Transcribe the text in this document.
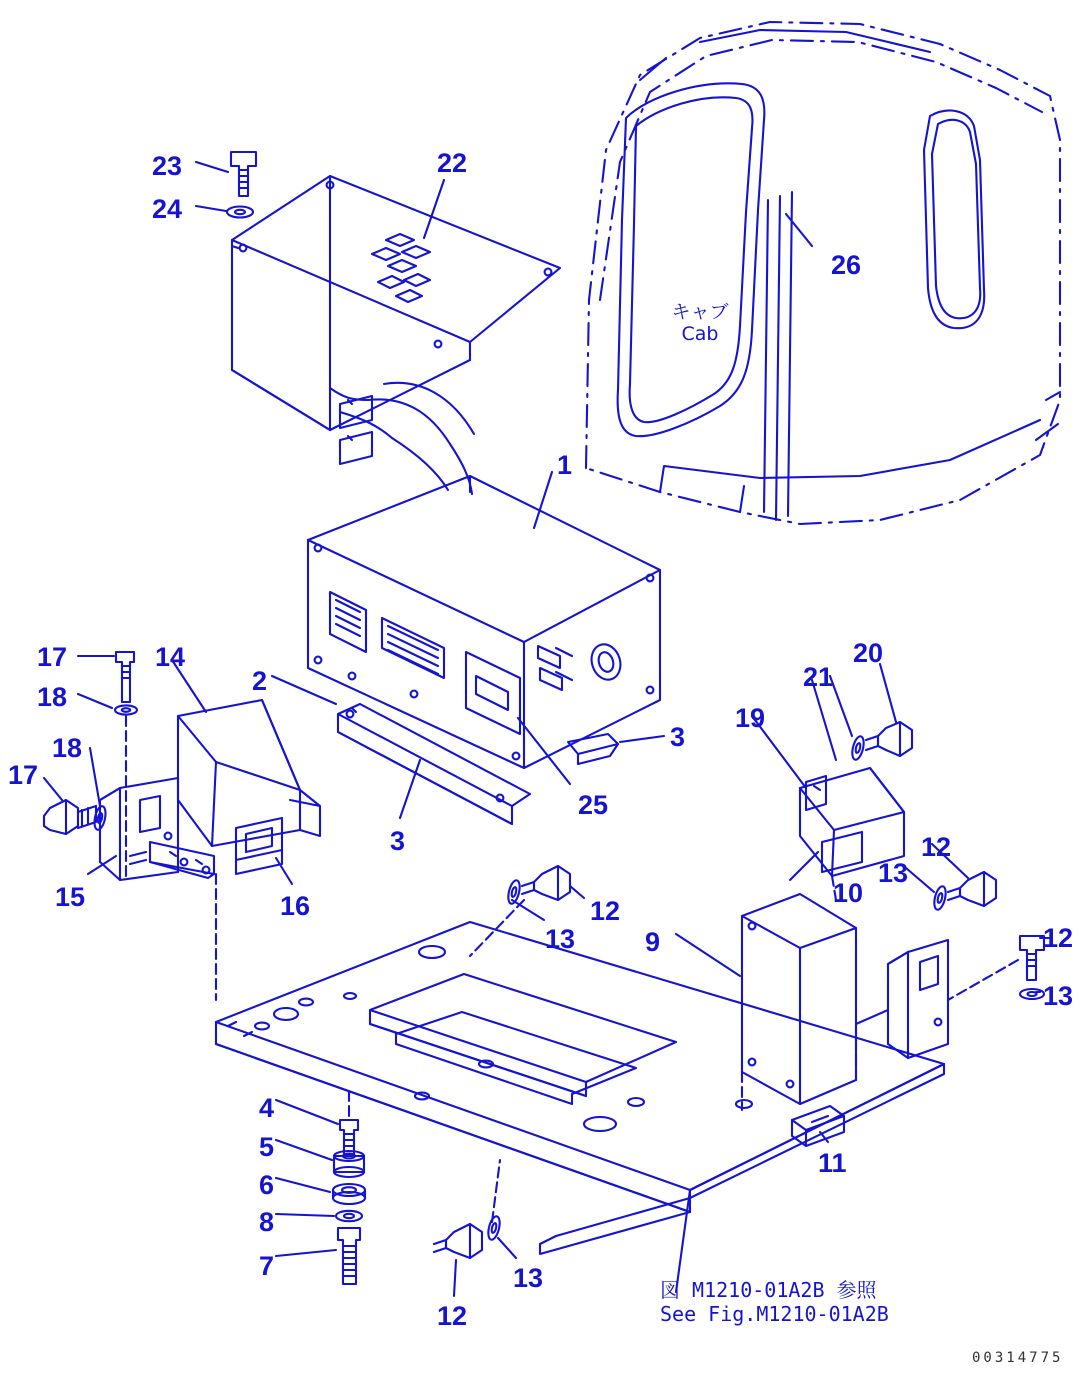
キャブ
Cab
図 M1210-01A2B 参照
See Fig.M1210-01A2B
00314775
23
24
22
26
1
17	14
18
2
18
17
3
25
3
15	16
20
21
19
12
13
10
12
13	12
9
13
4
5
6
8
11
7	13
12
